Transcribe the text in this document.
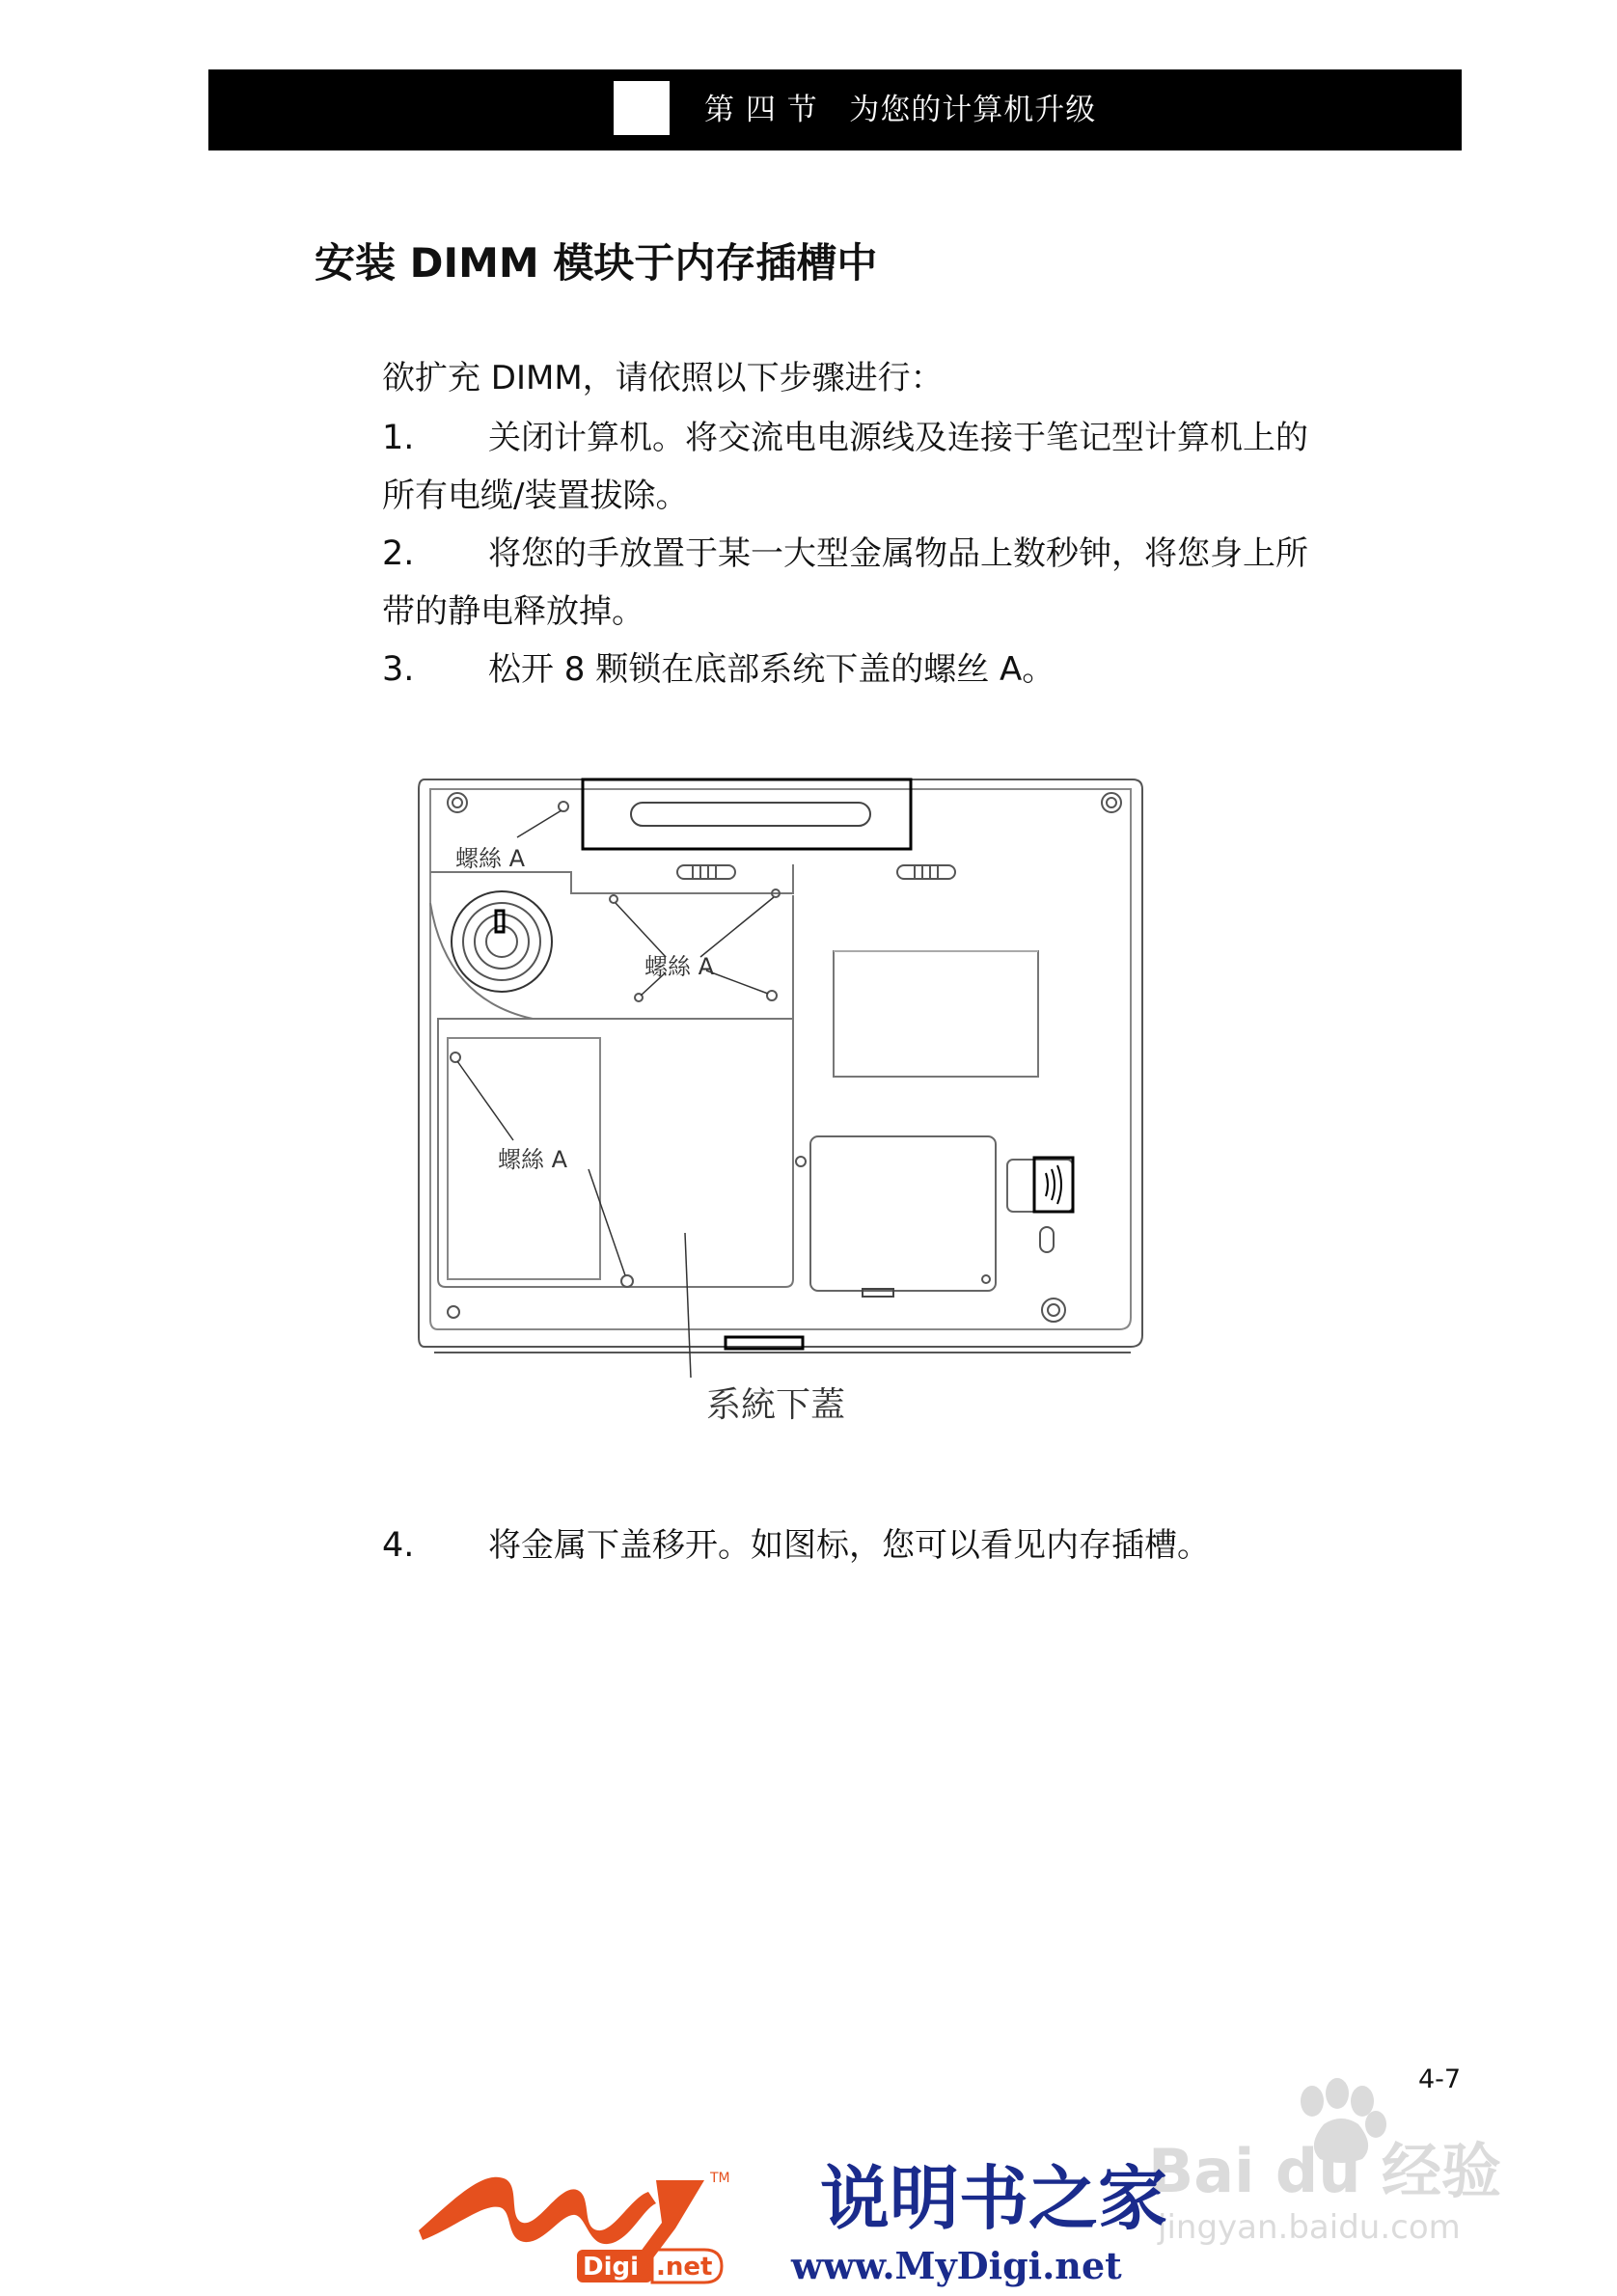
第 四 节   为您的计算机升级
安装 DIMM 模块于内存插槽中
欲扩充 DIMM，请依照以下步骤进行：
1. 关闭计算机。将交流电电源线及连接于笔记型计算机上的
所有电缆/装置拔除。
2. 将您的手放置于某一大型金属物品上数秒钟，将您身上所
带的静电释放掉。
3. 松开 8 颗锁在底部系统下盖的螺丝 A。
螺絲 A
螺絲 A
螺絲 A
系統下蓋
4. 将金属下盖移开。如图标，您可以看见内存插槽。
4-7
Bai du 经验
jingyan.baidu.com
TM
Digi .net
说明书之家
www.MyDigi.net
